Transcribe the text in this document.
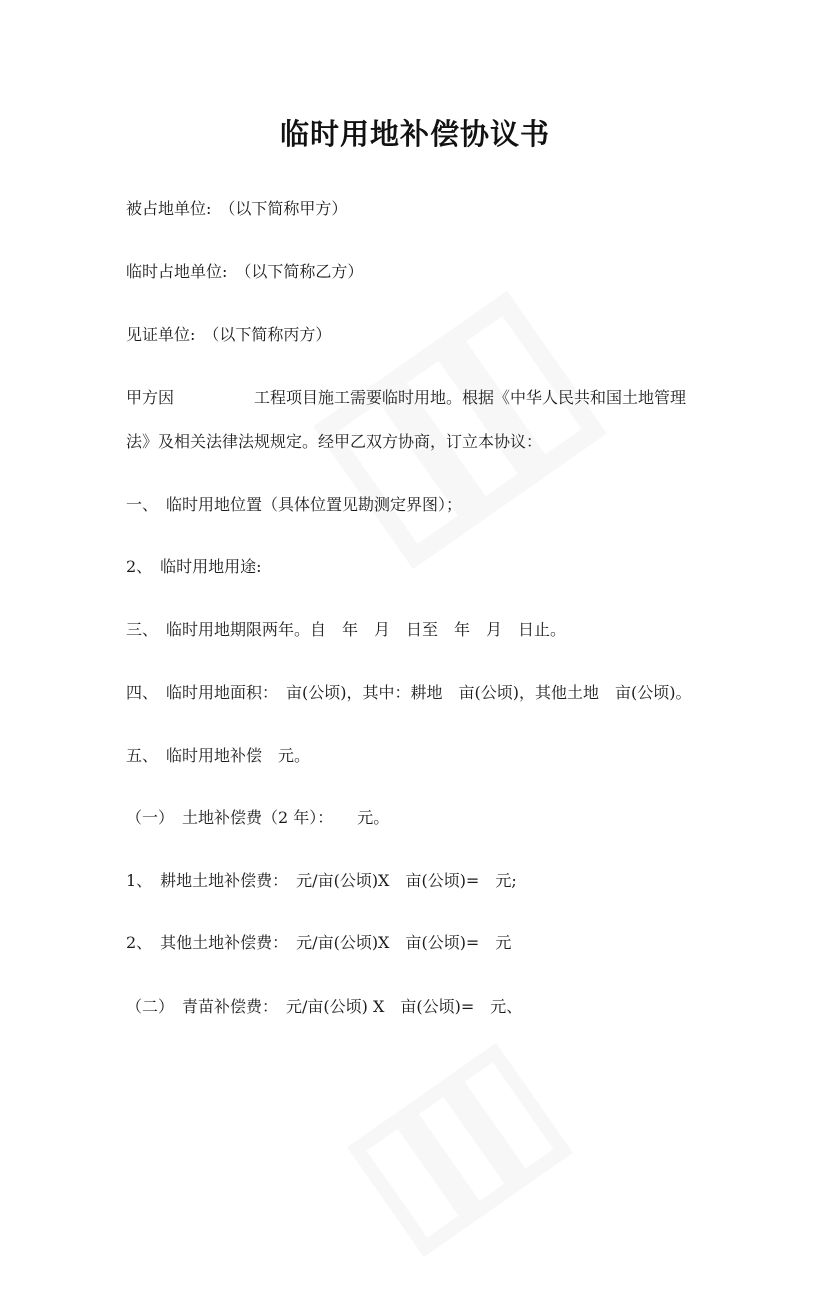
临时用地补偿协议书
被占地单位:　（以下简称甲方）
临时占地单位:　（以下简称乙方）
见证单位:　（以下简称丙方）
甲方因　　　　　工程项目施工需要临时用地。根据《中华人民共和国土地管理
法》及相关法律法规规定。经甲乙双方协商，订立本协议：
一、　临时用地位置（具体位置见勘测定界图）；
2、　临时用地用途:
三、　临时用地期限两年。自　年　月　日至　年　月　日止。
四、　临时用地面积：　亩(公顷)，其中：耕地　亩(公顷)，其他土地　亩(公顷)。
五、　临时用地补偿　元。
（一）　土地补偿费（2 年）：　　元。
1、　耕地土地补偿费：　元/亩(公顷)X　亩(公顷)=　元;
2、　其他土地补偿费：　元/亩(公顷)X　亩(公顷)=　元
（二）　青苗补偿费：　元/亩(公顷) X　亩(公顷)=　元、
